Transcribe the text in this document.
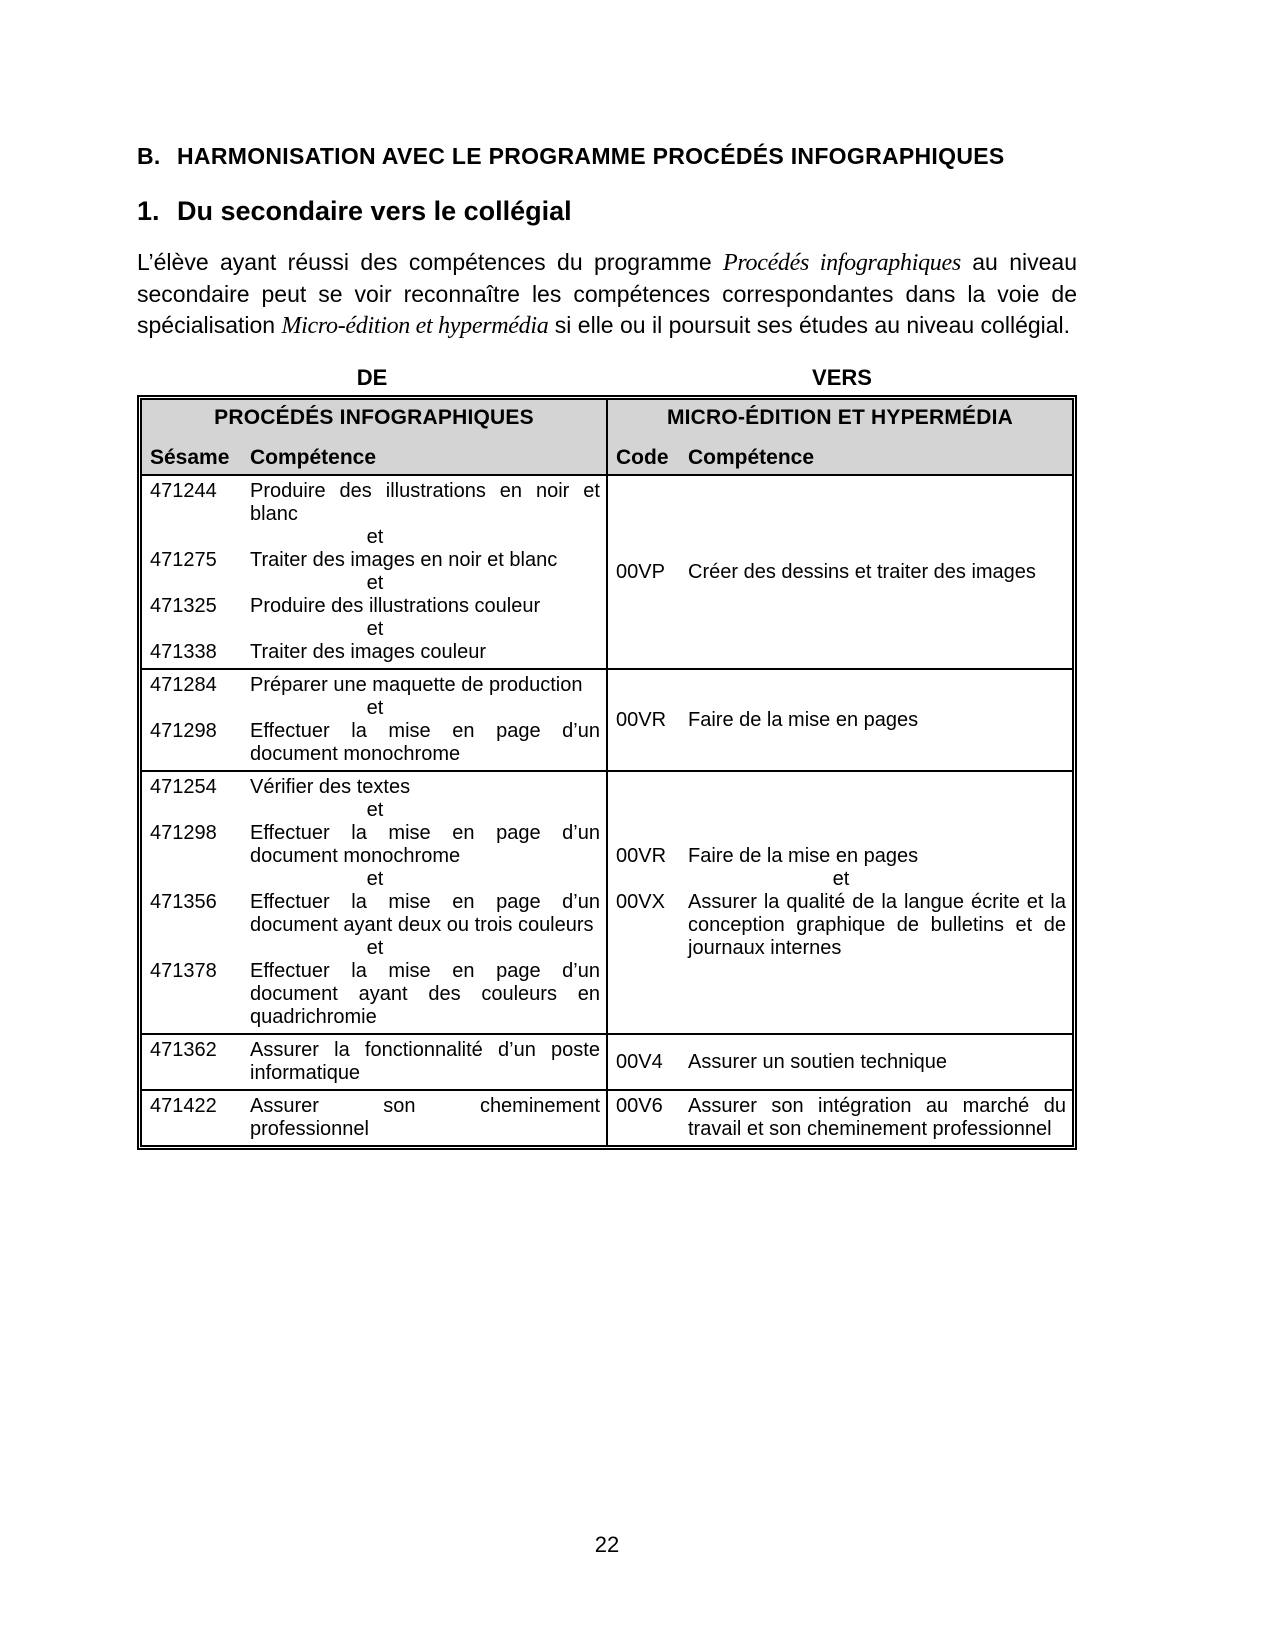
B. HARMONISATION AVEC LE PROGRAMME PROCÉDÉS INFOGRAPHIQUES
1. Du secondaire vers le collégial

L’élève ayant réussi des compétences du programme Procédés infographiques au niveau secondaire peut se voir reconnaître les compétences correspondantes dans la voie de spécialisation Micro-édition et hypermédia si elle ou il poursuit ses études au niveau collégial.

DE	VERS
PROCÉDÉS INFOGRAPHIQUES
Sésame Compétence
MICRO-ÉDITION ET HYPERMÉDIA
Code Compétence
471244	Produire des illustrations en noir et blanc
et
471275	Traiter des images en noir et blanc
et
471325	Produire des illustrations couleur
et
471338	Traiter des images couleur
00VP	Créer des dessins et traiter des images
471284	Préparer une maquette de production
et
471298	Effectuer la mise en page d’un document monochrome
00VR	Faire de la mise en pages
471254	Vérifier des textes
et
471298	Effectuer la mise en page d’un document monochrome
et
471356	Effectuer la mise en page d’un document ayant deux ou trois couleurs
et
471378	Effectuer la mise en page d’un document ayant des couleurs en quadrichromie
00VR	Faire de la mise en pages
et
00VX	Assurer la qualité de la langue écrite et la conception graphique de bulletins et de journaux internes
471362	Assurer la fonctionnalité d’un poste informatique
00V4	Assurer un soutien technique
471422	Assurer son cheminement professionnel
00V6	Assurer son intégration au marché du travail et son cheminement professionnel
22
